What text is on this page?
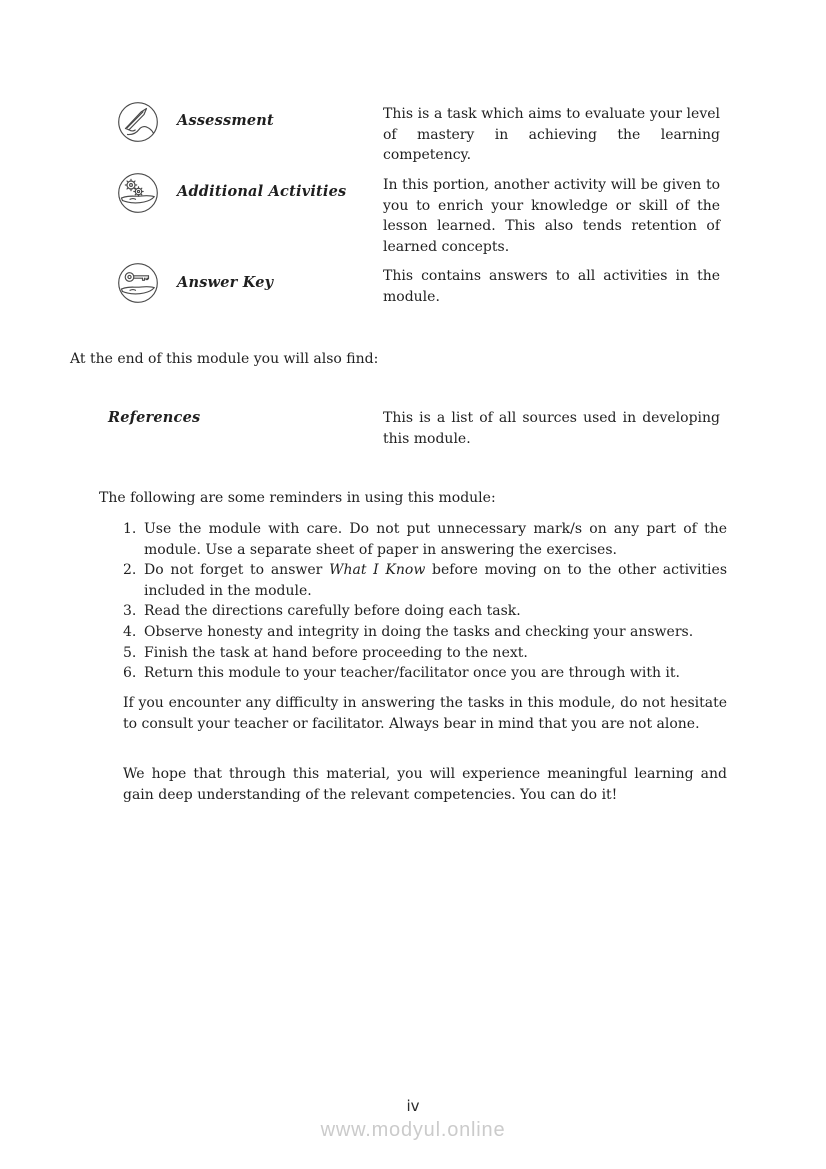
Assessment	This is a task which aims to evaluate your level of mastery in achieving the learning competency.

Additional Activities	In this portion, another activity will be given to you to enrich your knowledge or skill of the lesson learned. This also tends retention of learned concepts.

Answer Key	This contains answers to all activities in the module.

At the end of this module you will also find:

References	This is a list of all sources used in developing this module.

The following are some reminders in using this module:

1. Use the module with care. Do not put unnecessary mark/s on any part of the module. Use a separate sheet of paper in answering the exercises.
2. Do not forget to answer What I Know before moving on to the other activities included in the module.
3. Read the directions carefully before doing each task.
4. Observe honesty and integrity in doing the tasks and checking your answers.
5. Finish the task at hand before proceeding to the next.
6. Return this module to your teacher/facilitator once you are through with it.

If you encounter any difficulty in answering the tasks in this module, do not hesitate to consult your teacher or facilitator. Always bear in mind that you are not alone.

We hope that through this material, you will experience meaningful learning and gain deep understanding of the relevant competencies. You can do it!

iv
www.modyul.online
